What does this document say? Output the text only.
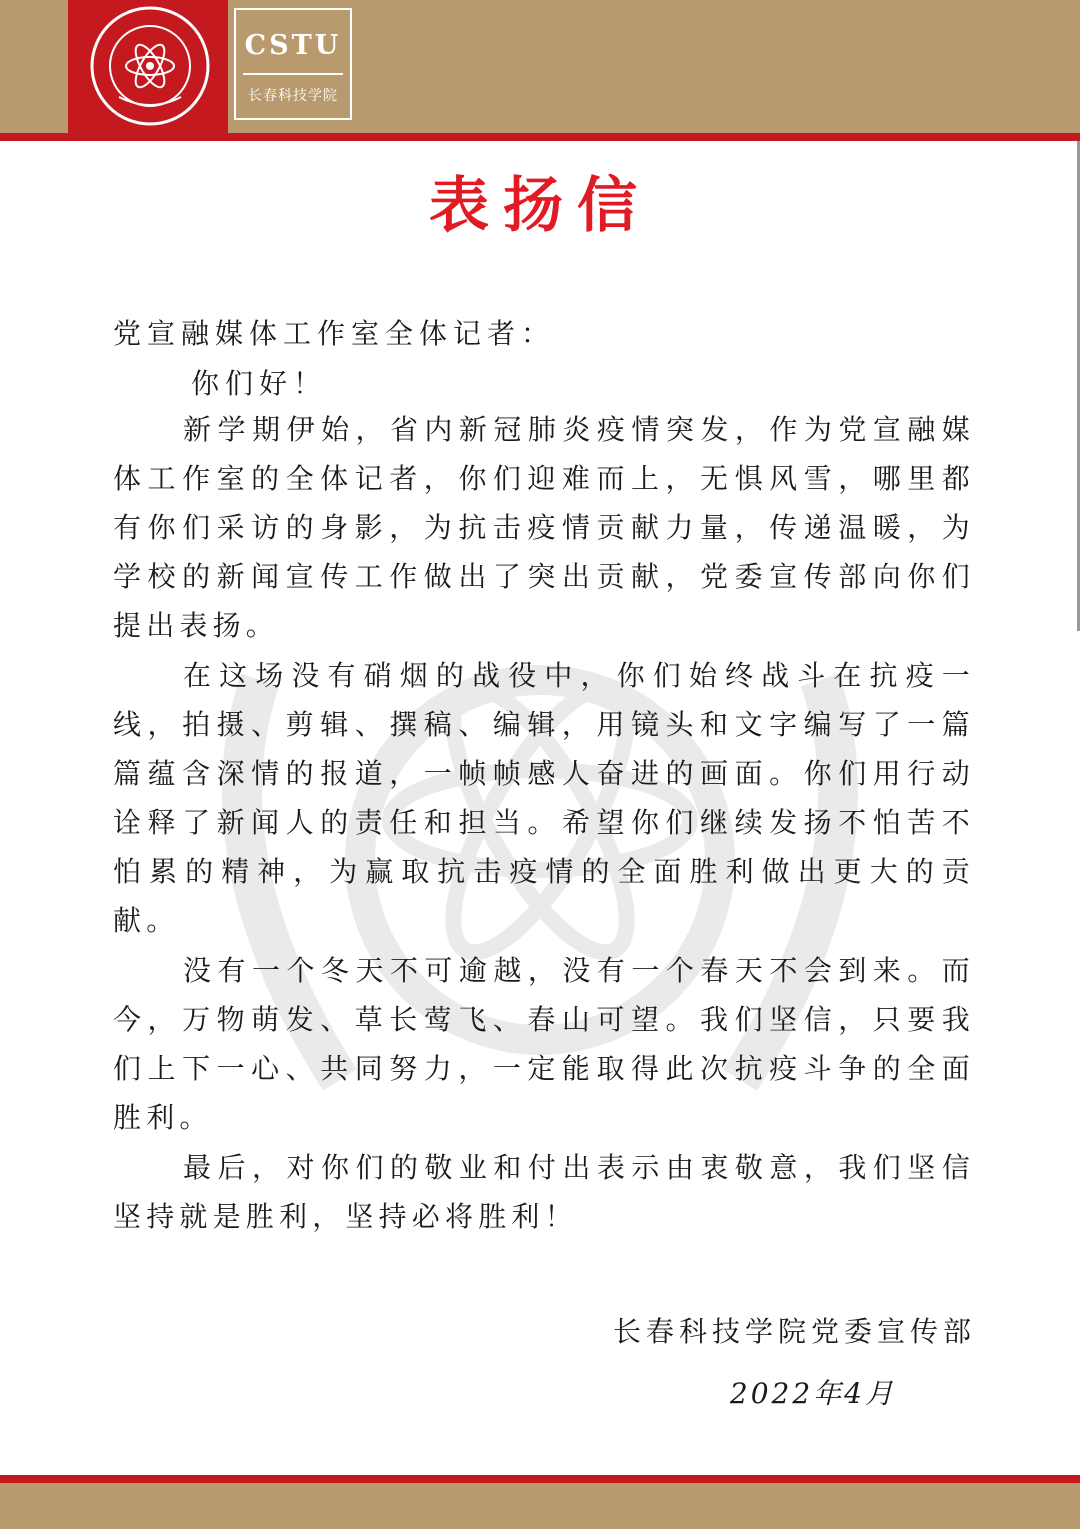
CSTU
长春科技学院
表扬信
党宣融媒体工作室全体记者：
你们好！

新学期伊始，省内新冠肺炎疫情突发，作为党宣融媒体工作室的全体记者，你们迎难而上，无惧风雪，哪里都有你们采访的身影，为抗击疫情贡献力量，传递温暖，为学校的新闻宣传工作做出了突出贡献，党委宣传部向你们提出表扬。

在这场没有硝烟的战役中，你们始终战斗在抗疫一线，拍摄、剪辑、撰稿、编辑，用镜头和文字编写了一篇篇蕴含深情的报道，一帧帧感人奋进的画面。你们用行动诠释了新闻人的责任和担当。希望你们继续发扬不怕苦不怕累的精神，为赢取抗击疫情的全面胜利做出更大的贡献。

没有一个冬天不可逾越，没有一个春天不会到来。而今，万物萌发、草长莺飞、春山可望。我们坚信，只要我们上下一心、共同努力，一定能取得此次抗疫斗争的全面胜利。

最后，对你们的敬业和付出表示由衷敬意，我们坚信坚持就是胜利，坚持必将胜利！

长春科技学院党委宣传部
2022年4月
